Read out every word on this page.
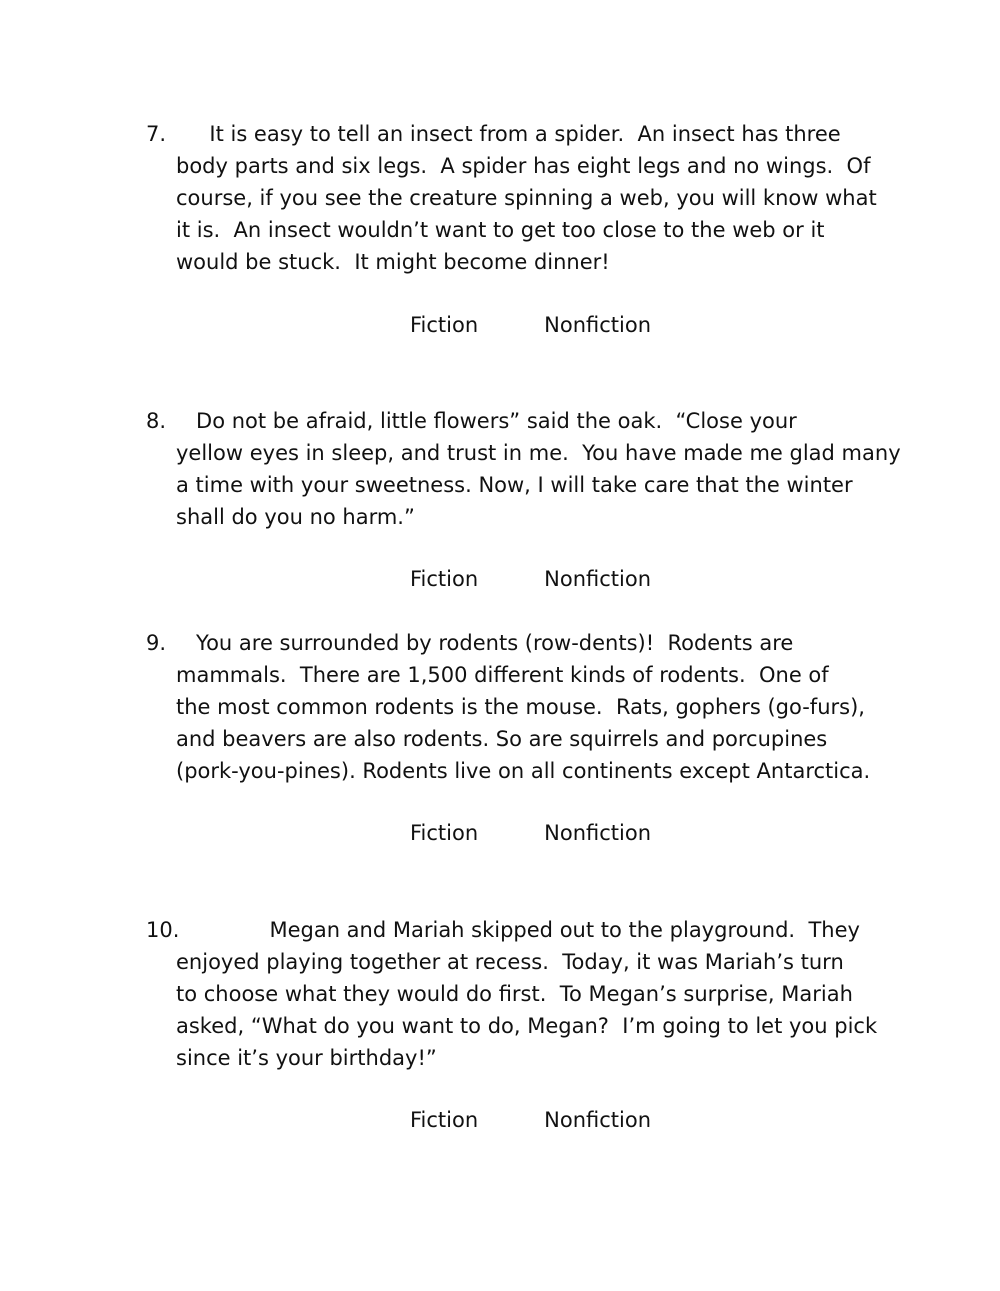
7. It is easy to tell an insect from a spider.  An insect has three
body parts and six legs.  A spider has eight legs and no wings.  Of
course, if you see the creature spinning a web, you will know what
it is.  An insect wouldn’t want to get too close to the web or it
would be stuck.  It might become dinner!
Fiction	Nonfiction
8. Do not be afraid, little flowers” said the oak.  “Close your
yellow eyes in sleep, and trust in me.  You have made me glad many
a time with your sweetness. Now, I will take care that the winter
shall do you no harm.”
Fiction	Nonfiction
9. You are surrounded by rodents (row-dents)!  Rodents are
mammals.  There are 1,500 different kinds of rodents.  One of
the most common rodents is the mouse.  Rats, gophers (go-furs),
and beavers are also rodents. So are squirrels and porcupines
(pork-you-pines). Rodents live on all continents except Antarctica.
Fiction	Nonfiction
10.
Megan and Mariah skipped out to the playground.  They
enjoyed playing together at recess.  Today, it was Mariah’s turn
to choose what they would do first.  To Megan’s surprise, Mariah
asked, “What do you want to do, Megan?  I’m going to let you pick
since it’s your birthday!”
Fiction	Nonfiction
